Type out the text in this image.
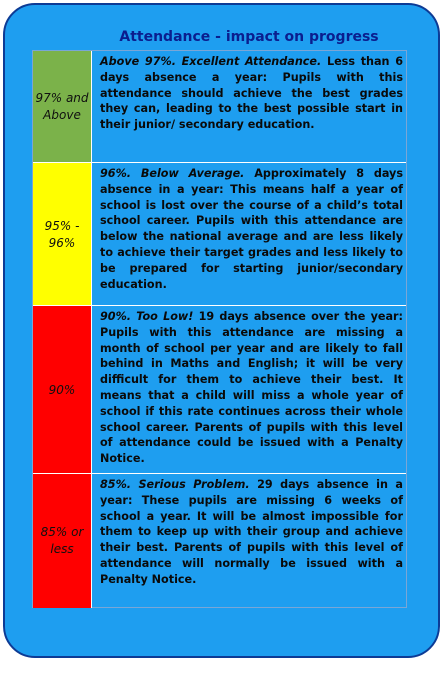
Attendance - impact on progress
97% and Above
Above 97%. Excellent Attendance. Less than 6 days absence a year: Pupils with this attendance should achieve the best grades they can, leading to the best possible start in their junior/ secondary education.
95% - 96%
96%. Below Average. Approximately 8 days absence in a year: This means half a year of school is lost over the course of a child’s total school career. Pupils with this attendance are below the national average and are less likely to achieve their target grades and less likely to be prepared for starting junior/secondary education.
90%
90%. Too Low! 19 days absence over the year: Pupils with this attendance are missing a month of school per year and are likely to fall behind in Maths and English; it will be very difficult for them to achieve their best. It means that a child will miss a whole year of school if this rate continues across their whole school career. Parents of pupils with this level of attendance could be issued with a Penalty Notice.
85% or less
85%. Serious Problem. 29 days absence in a year: These pupils are missing 6 weeks of school a year. It will be almost impossible for them to keep up with their group and achieve their best. Parents of pupils with this level of attendance will normally be issued with a Penalty Notice.
